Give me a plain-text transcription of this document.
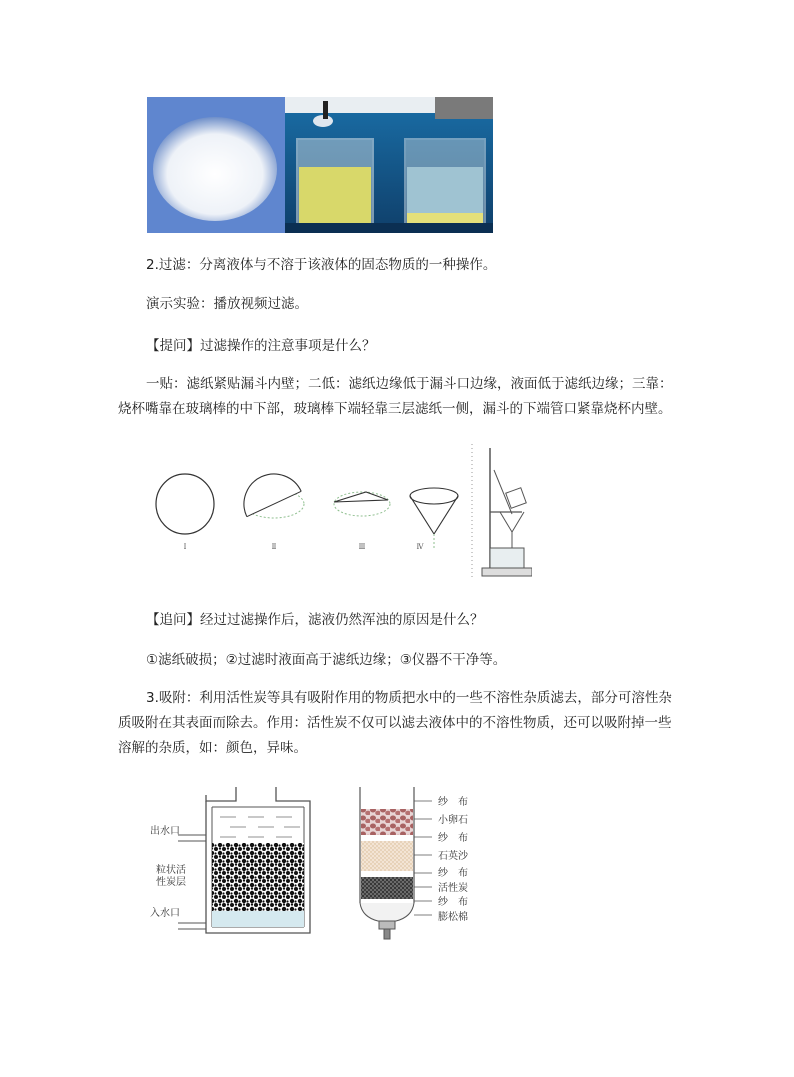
2.过滤：分离液体与不溶于该液体的固态物质的一种操作。
演示实验：播放视频过滤。
【提问】过滤操作的注意事项是什么？
一贴：滤纸紧贴漏斗内壁；二低：滤纸边缘低于漏斗口边缘，液面低于滤纸边缘；三靠：烧杯嘴靠在玻璃棒的中下部，玻璃棒下端轻靠三层滤纸一侧，漏斗的下端管口紧靠烧杯内壁。
Ⅰ	Ⅱ	Ⅲ	Ⅳ
【追问】经过过滤操作后，滤液仍然浑浊的原因是什么？
①滤纸破损；②过滤时液面高于滤纸边缘；③仪器不干净等。
3.吸附：利用活性炭等具有吸附作用的物质把水中的一些不溶性杂质滤去，部分可溶性杂质吸附在其表面而除去。作用：活性炭不仅可以滤去液体中的不溶性物质，还可以吸附掉一些溶解的杂质，如：颜色，异味。
出水口
粒状活
性炭层
入水口
纱　布
小卵石
纱　布
石英沙
纱　布
活性炭
纱　布
膨松棉
